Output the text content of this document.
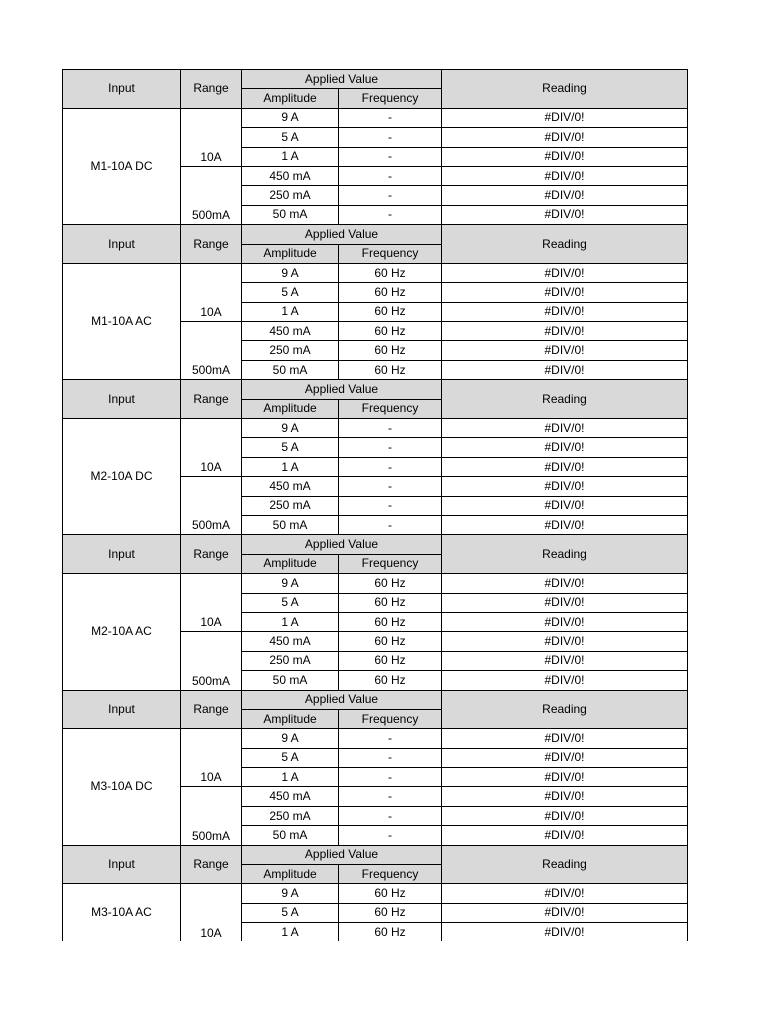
Input	Range	Applied Value		Reading
		Amplitude	Frequency	
M1-10A DC	10A	9 A	-	#DIV/0!
		5 A	-	#DIV/0!
		1 A	-	#DIV/0!
	500mA	450 mA	-	#DIV/0!
		250 mA	-	#DIV/0!
		50 mA	-	#DIV/0!
Input	Range	Applied Value		Reading
		Amplitude	Frequency	
M1-10A AC	10A	9 A	60 Hz	#DIV/0!
		5 A	60 Hz	#DIV/0!
		1 A	60 Hz	#DIV/0!
	500mA	450 mA	60 Hz	#DIV/0!
		250 mA	60 Hz	#DIV/0!
		50 mA	60 Hz	#DIV/0!
Input	Range	Applied Value		Reading
		Amplitude	Frequency	
M2-10A DC	10A	9 A	-	#DIV/0!
		5 A	-	#DIV/0!
		1 A	-	#DIV/0!
	500mA	450 mA	-	#DIV/0!
		250 mA	-	#DIV/0!
		50 mA	-	#DIV/0!
Input	Range	Applied Value		Reading
		Amplitude	Frequency	
M2-10A AC	10A	9 A	60 Hz	#DIV/0!
		5 A	60 Hz	#DIV/0!
		1 A	60 Hz	#DIV/0!
	500mA	450 mA	60 Hz	#DIV/0!
		250 mA	60 Hz	#DIV/0!
		50 mA	60 Hz	#DIV/0!
Input	Range	Applied Value		Reading
		Amplitude	Frequency	
M3-10A DC	10A	9 A	-	#DIV/0!
		5 A	-	#DIV/0!
		1 A	-	#DIV/0!
	500mA	450 mA	-	#DIV/0!
		250 mA	-	#DIV/0!
		50 mA	-	#DIV/0!
Input	Range	Applied Value		Reading
		Amplitude	Frequency	
M3-10A AC	10A	9 A	60 Hz	#DIV/0!
		5 A	60 Hz	#DIV/0!
		1 A	60 Hz	#DIV/0!
